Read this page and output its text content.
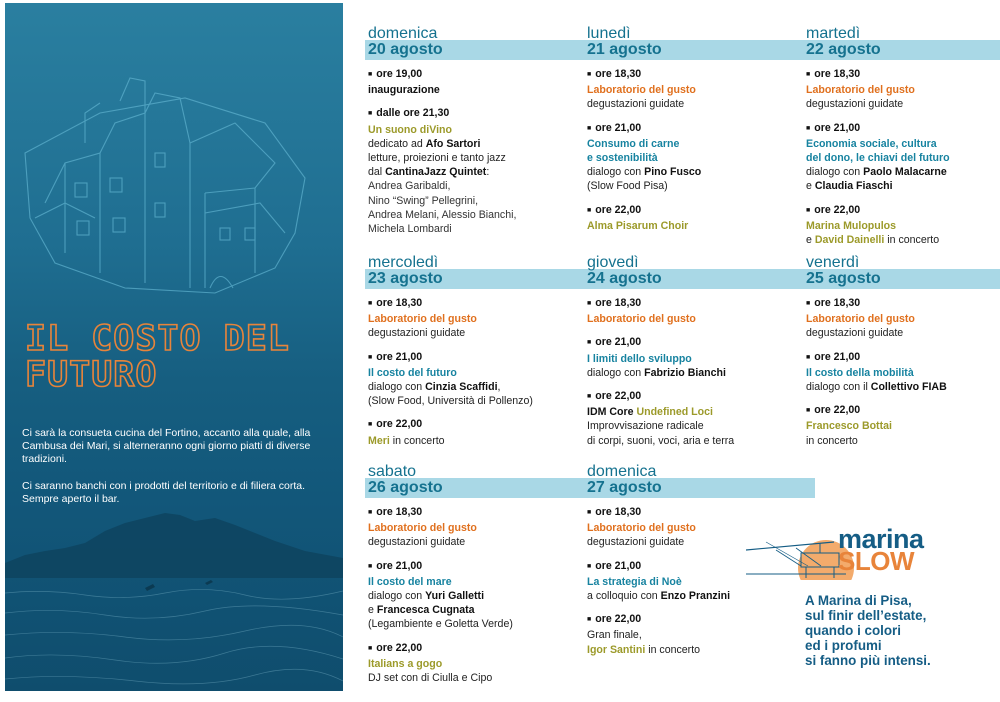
IL COSTO DEL FUTURO

Ci sarà la consueta cucina del Fortino, accanto alla quale, alla Cambusa dei Mari, si alterneranno ogni giorno piatti di diverse tradizioni.

Ci saranno banchi con i prodotti del territorio e di filiera corta. Sempre aperto il bar.

domenica
20 agosto
■ ore 19,00
inaugurazione
■ dalle ore 21,30
Un suono diVino
dedicato ad Afo Sartori
letture, proiezioni e tanto jazz
dal CantinaJazz Quintet:
Andrea Garibaldi,
Nino “Swing” Pellegrini,
Andrea Melani, Alessio Bianchi,
Michela Lombardi
lunedì
21 agosto
■ ore 18,30
Laboratorio del gusto
degustazioni guidate
■ ore 21,00
Consumo di carne
e sostenibilità
dialogo con Pino Fusco
(Slow Food Pisa)
■ ore 22,00
Alma Pisarum Choir
martedì
22 agosto
■ ore 18,30
Laboratorio del gusto
degustazioni guidate
■ ore 21,00
Economia sociale, cultura
del dono, le chiavi del futuro
dialogo con Paolo Malacarne
e Claudia Fiaschi
■ ore 22,00
Marina Mulopulos
e David Dainelli in concerto
mercoledì
23 agosto
■ ore 18,30
Laboratorio del gusto
degustazioni guidate
■ ore 21,00
Il costo del futuro
dialogo con Cinzia Scaffidi,
(Slow Food, Università di Pollenzo)
■ ore 22,00
Meri in concerto
giovedì
24 agosto
■ ore 18,30
Laboratorio del gusto
■ ore 21,00
I limiti dello sviluppo
dialogo con Fabrizio Bianchi
■ ore 22,00
IDM Core Undefined Loci
Improvvisazione radicale
di corpi, suoni, voci, aria e terra
venerdì
25 agosto
■ ore 18,30
Laboratorio del gusto
degustazioni guidate
■ ore 21,00
Il costo della mobilità
dialogo con il Collettivo FIAB
■ ore 22,00
Francesco Bottai
in concerto
sabato
26 agosto
■ ore 18,30
Laboratorio del gusto
degustazioni guidate
■ ore 21,00
Il costo del mare
dialogo con Yuri Galletti
e Francesca Cugnata
(Legambiente e Goletta Verde)
■ ore 22,00
Italians a gogo
DJ set con di Ciulla e Cipo
domenica
27 agosto
■ ore 18,30
Laboratorio del gusto
degustazioni guidate
■ ore 21,00
La strategia di Noè
a colloquio con Enzo Pranzini
■ ore 22,00
Gran finale,
Igor Santini in concerto
marina
SLOW
A Marina di Pisa,
sul finir dell’estate,
quando i colori
ed i profumi
si fanno più intensi.
